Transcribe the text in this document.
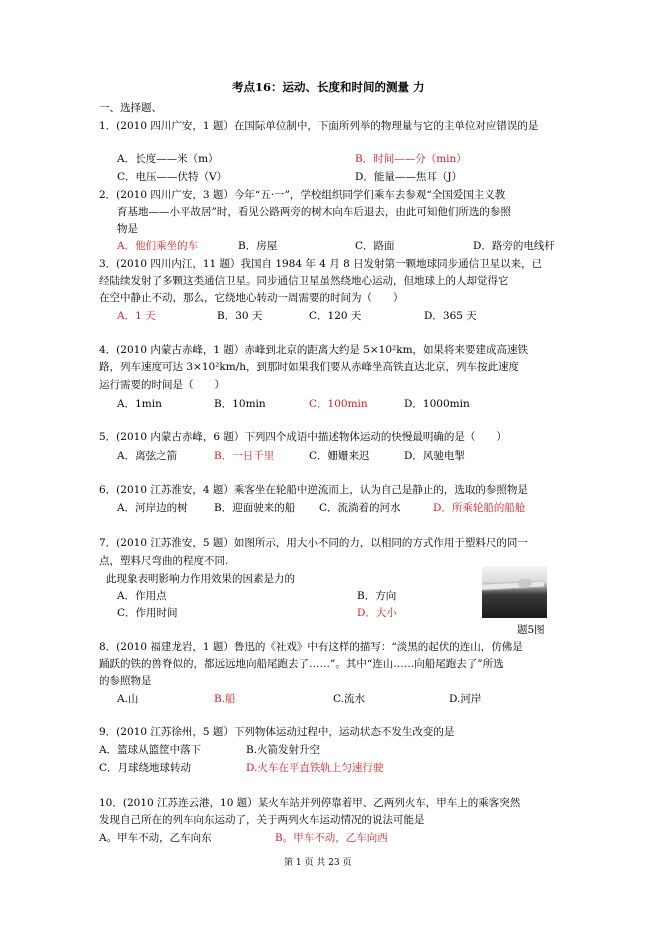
考点16：运动、长度和时间的测量 力
一、选择题、
1．(2010 四川广安，1 题）在国际单位制中，下面所列举的物理量与它的主单位对应错误的是
A．长度——米（m）	B．时间——分（min）
C．电压——伏特（V）	D．能量——焦耳（J）
2．(2010 四川广安，3 题）今年“五·一”，学校组织同学们乘车去参观“全国爱国主义教
育基地——小平故居”时，看见公路两旁的树木向车后退去，由此可知他们所选的参照
物是
A．他们乘坐的车	B．房屋	C．路面	D．路旁的电线杆
3．(2010 四川内江，11 题）我国自 1984 年 4 月 8 日发射第一颗地球同步通信卫星以来，已
经陆续发射了多颗这类通信卫星。同步通信卫星虽然绕地心运动，但地球上的人却觉得它
在空中静止不动，那么，它绕地心转动一周需要的时间为（　　）
A．1 天	B．30 天	C．120 天	D．365 天
4．(2010 内蒙古赤峰，1 题）赤峰到北京的距离大约是 5×10²km，如果将来要建成高速铁
路，列车速度可达 3×10²km/h，到那时如果我们要从赤峰坐高铁直达北京，列车按此速度
运行需要的时间是（　　）
A．1min	B．10min	C．100min	D．1000min
5．(2010 内蒙古赤峰，6 题）下列四个成语中描述物体运动的快慢最明确的是（　　）
A．离弦之箭	B．一日千里	C．姗姗来迟	D．风驰电掣
6．(2010 江苏淮安，4 题）乘客坐在轮船中逆流而上，认为自己是静止的，选取的参照物是
A．河岸边的树	B．迎面驶来的船 C．流淌着的河水	D．所乘轮船的船舱
7．(2010 江苏淮安，5 题）如图所示，用大小不同的力，以相同的方式作用于塑料尺的同一
点，塑料尺弯曲的程度不同.
此现象表明影响力作用效果的因素是力的
A．作用点	B．方向
C．作用时间	D．大小
题5图
8．(2010 福建龙岩，1 题）鲁迅的《社戏》中有这样的描写：“淡黑的起伏的连山，仿佛是
踊跃的铁的兽脊似的，都远远地向船尾跑去了……”。其中“连山……向船尾跑去了”所选
的参照物是
A.山	B.船	C.流水	D.河岸
9．(2010 江苏徐州，5 题）下列物体运动过程中，运动状态不发生改变的是
A．篮球从篮筐中落下	B.火箭发射升空
C．月球绕地球转动	D.火车在平直铁轨上匀速行驶
10．(2010 江苏连云港，10 题）某火车站并列停靠着甲、乙两列火车，甲车上的乘客突然
发现自己所在的列车向东运动了，关于两列火车运动情况的说法可能是
A。甲车不动，乙车向东	B。甲车不动，乙车向西
第 1 页 共 23 页
